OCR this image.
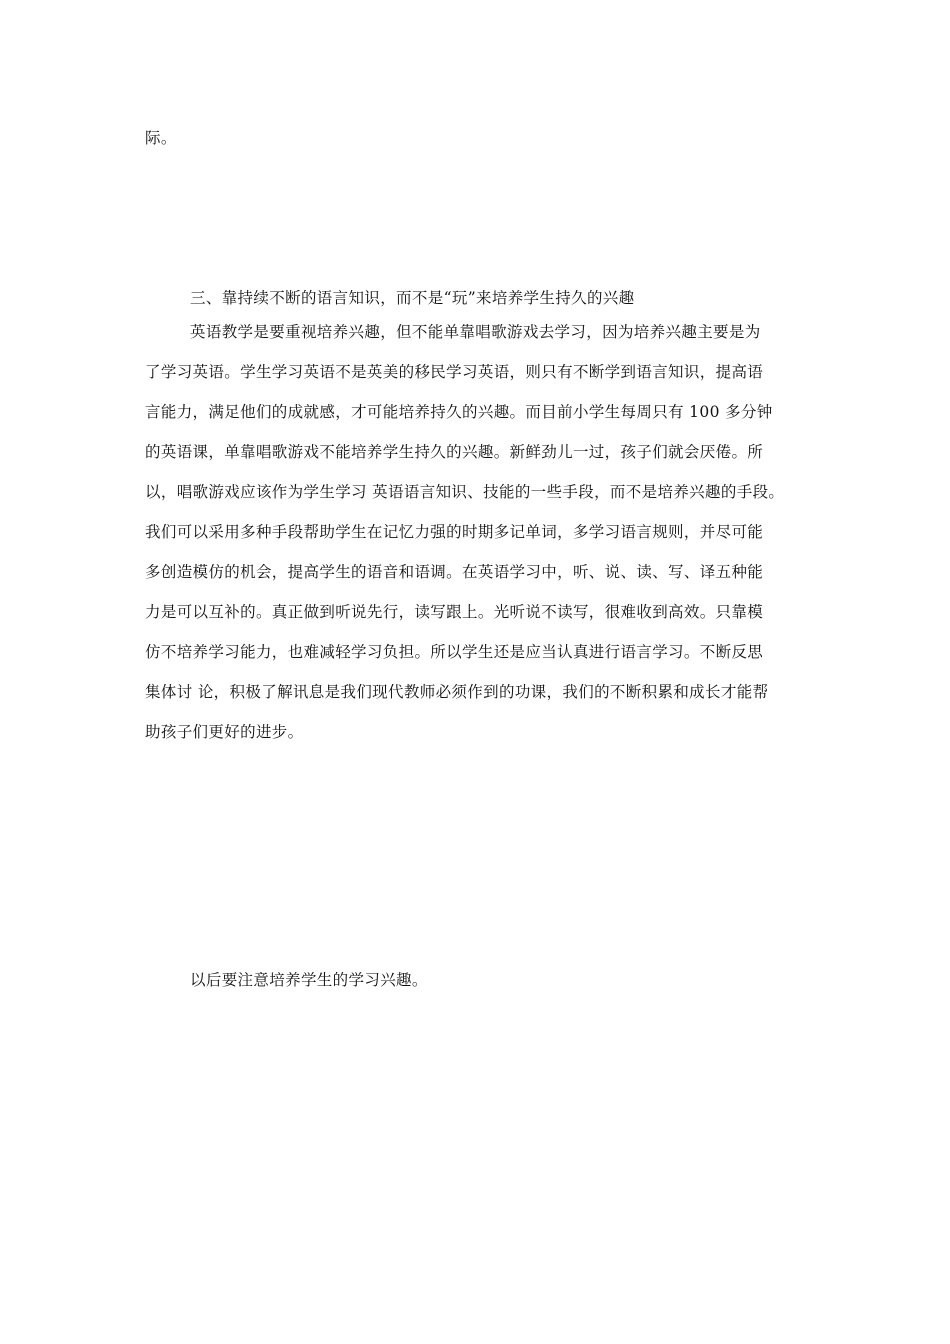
际。
三、靠持续不断的语言知识，而不是“玩”来培养学生持久的兴趣
英语教学是要重视培养兴趣，但不能单靠唱歌游戏去学习，因为培养兴趣主要是为
了学习英语。学生学习英语不是英美的移民学习英语，则只有不断学到语言知识，提高语
言能力，满足他们的成就感，才可能培养持久的兴趣。而目前小学生每周只有 100 多分钟
的英语课，单靠唱歌游戏不能培养学生持久的兴趣。新鲜劲儿一过，孩子们就会厌倦。所
以，唱歌游戏应该作为学生学习 英语语言知识、技能的一些手段，而不是培养兴趣的手段。
我们可以采用多种手段帮助学生在记忆力强的时期多记单词，多学习语言规则，并尽可能
多创造模仿的机会，提高学生的语音和语调。在英语学习中，听、说、读、写、译五种能
力是可以互补的。真正做到听说先行，读写跟上。光听说不读写，很难收到高效。只靠模
仿不培养学习能力，也难减轻学习负担。所以学生还是应当认真进行语言学习。不断反思
集体讨 论，积极了解讯息是我们现代教师必须作到的功课，我们的不断积累和成长才能帮
助孩子们更好的进步。
以后要注意培养学生的学习兴趣。
